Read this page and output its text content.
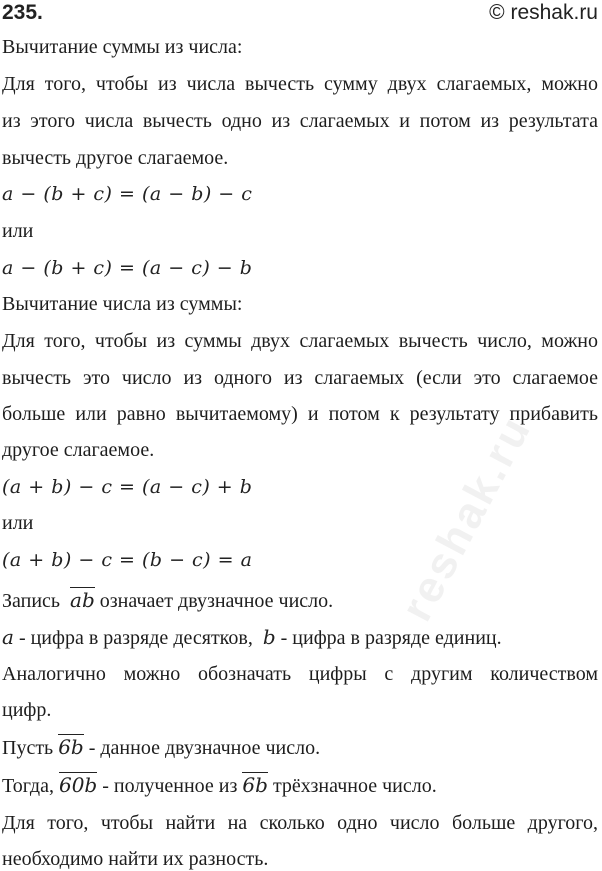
235.	© reshak.ru
Вычитание суммы из числа:
Для того, чтобы из числа вычесть сумму двух слагаемых, можно
из этого числа вычесть одно из слагаемых и потом из результата
вычесть другое слагаемое.
a − (b + c) = (a − b) − c
или
a − (b + c) = (a − c) − b
Вычитание числа из суммы:
Для того, чтобы из суммы двух слагаемых вычесть число, можно
вычесть это число из одного из слагаемых (если это слагаемое
больше или равно вычитаемому) и потом к результату прибавить
другое слагаемое.
(a + b) − c = (a − c) + b
или
(a + b) − c = (b − c) = a
Запись ab означает двузначное число.
a - цифра в разряде десятков, b - цифра в разряде единиц.
Аналогично можно обозначать цифры с другим количеством
цифр.
Пусть 6b - данное двузначное число.
Тогда, 60b - полученное из 6b трёхзначное число.
Для того, чтобы найти на сколько одно число больше другого,
необходимо найти их разность.
reshak.ru
